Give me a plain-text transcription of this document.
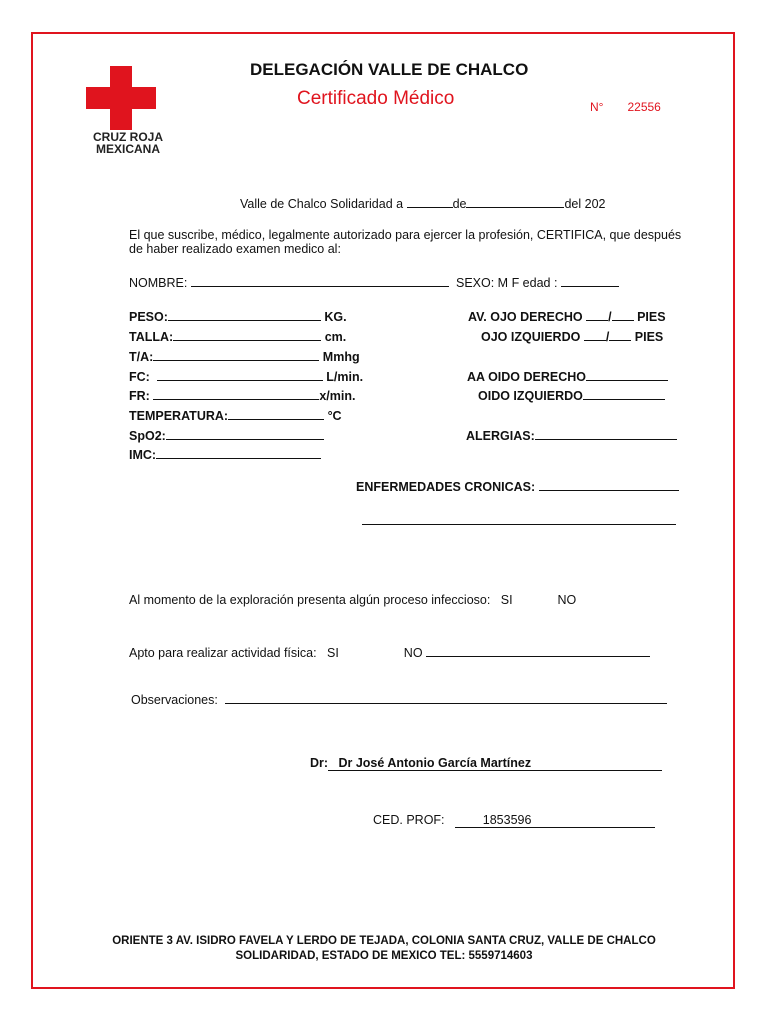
CRUZ ROJA
MEXICANA
DELEGACIÓN VALLE DE CHALCO
Certificado Médico	N° 22556
Valle de Chalco Solidaridad a	de	del 202
El que suscribe, médico, legalmente autorizado para ejercer la profesión, CERTIFICA, que después de haber realizado examen medico al:
NOMBRE:	SEXO: M F edad :
PESO:	KG.
TALLA:	cm.
T/A:	Mmhg
FC:	L/min.
FR:	x/min.
TEMPERATURA:	°C
SpO2:
IMC:
AV. OJO DERECHO / PIES
OJO IZQUIERDO / PIES
AA OIDO DERECHO
OIDO IZQUIERDO
ALERGIAS:
ENFERMEDADES CRONICAS:
Al momento de la exploración presenta algún proceso infeccioso: SI	NO
Apto para realizar actividad física: SI	NO
Observaciones:
Dr: Dr José Antonio García Martínez
CED. PROF:	1853596
ORIENTE 3 AV. ISIDRO FAVELA Y LERDO DE TEJADA, COLONIA SANTA CRUZ, VALLE DE CHALCO
SOLIDARIDAD, ESTADO DE MEXICO TEL: 5559714603
